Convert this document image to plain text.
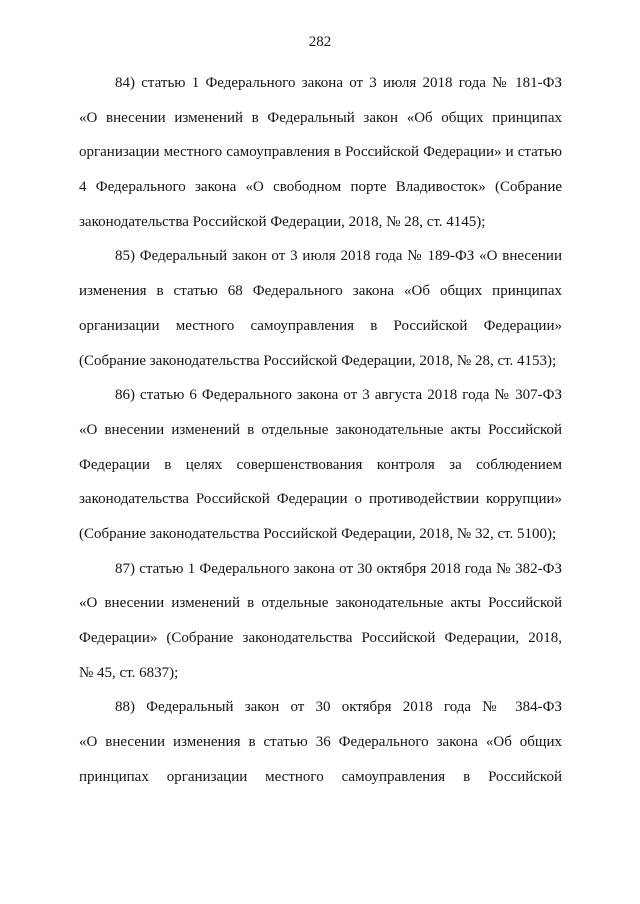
282
84) статью 1 Федерального закона от 3 июля 2018 года № 181-ФЗ
«О внесении изменений в Федеральный закон «Об общих принципах
организации местного самоуправления в Российской Федерации» и статью
4 Федерального закона «О свободном порте Владивосток» (Собрание
законодательства Российской Федерации, 2018, № 28, ст. 4145);
85) Федеральный закон от 3 июля 2018 года № 189-ФЗ «О внесении
изменения в статью 68 Федерального закона «Об общих принципах
организации местного самоуправления в Российской Федерации»
(Собрание законодательства Российской Федерации, 2018, № 28, ст. 4153);
86) статью 6 Федерального закона от 3 августа 2018 года № 307-ФЗ
«О внесении изменений в отдельные законодательные акты Российской
Федерации в целях совершенствования контроля за соблюдением
законодательства Российской Федерации о противодействии коррупции»
(Собрание законодательства Российской Федерации, 2018, № 32, ст. 5100);
87) статью 1 Федерального закона от 30 октября 2018 года № 382-ФЗ
«О внесении изменений в отдельные законодательные акты Российской
Федерации» (Собрание законодательства Российской Федерации, 2018,
№ 45, ст. 6837);
88) Федеральный закон от 30 октября 2018 года № 384-ФЗ
«О внесении изменения в статью 36 Федерального закона «Об общих
принципах организации местного самоуправления в Российской
